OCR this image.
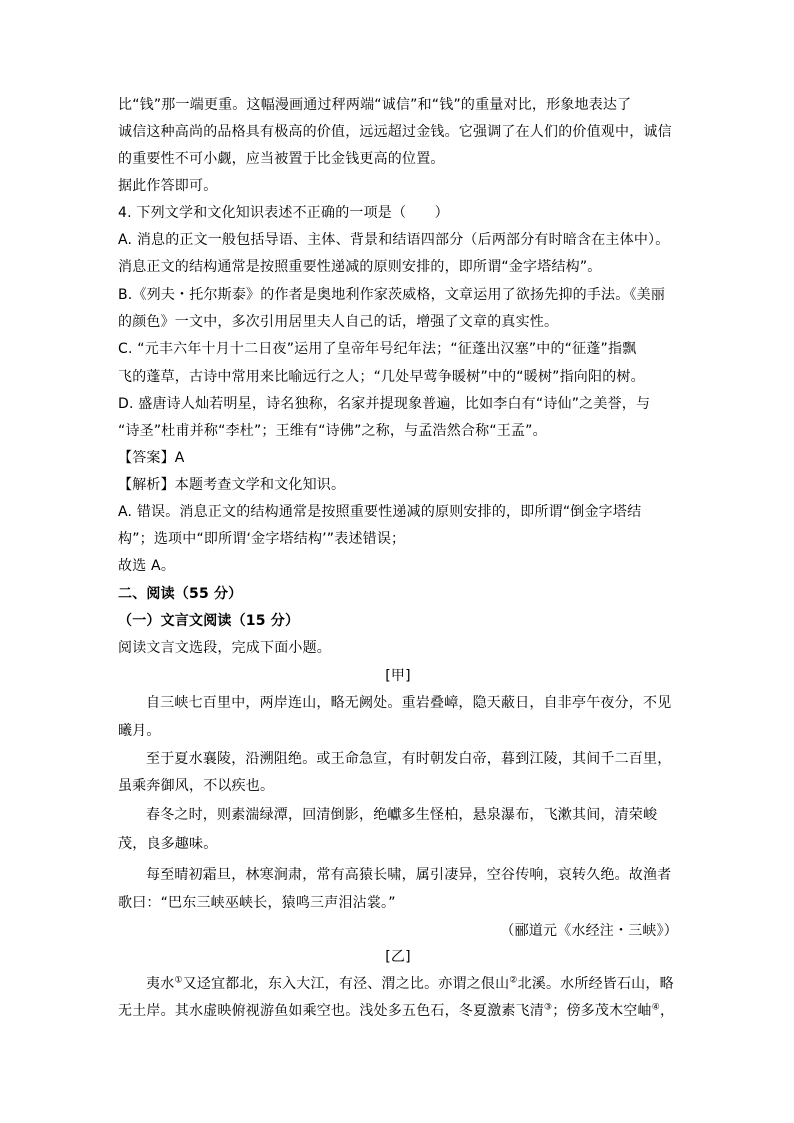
比“钱”那一端更重。这幅漫画通过秤两端“诚信”和“钱”的重量对比，形象地表达了
诚信这种高尚的品格具有极高的价值，远远超过金钱。它强调了在人们的价值观中，诚信
的重要性不可小觑，应当被置于比金钱更高的位置。
据此作答即可。
4. 下列文学和文化知识表述不正确的一项是（　　）
A. 消息的正文一般包括导语、主体、背景和结语四部分（后两部分有时暗含在主体中）。
消息正文的结构通常是按照重要性递减的原则安排的，即所谓“金字塔结构”。
B.《列夫・托尔斯泰》的作者是奥地利作家茨威格，文章运用了欲扬先抑的手法。《美丽
的颜色》一文中，多次引用居里夫人自己的话，增强了文章的真实性。
C. “元丰六年十月十二日夜”运用了皇帝年号纪年法；“征蓬出汉塞”中的“征蓬”指飘
飞的蓬草，古诗中常用来比喻远行之人；“几处早莺争暖树”中的“暖树”指向阳的树。
D. 盛唐诗人灿若明星，诗名独称，名家并提现象普遍，比如李白有“诗仙”之美誉，与
“诗圣”杜甫并称“李杜”；王维有“诗佛”之称，与孟浩然合称“王孟”。
【答案】A
【解析】本题考查文学和文化知识。
A. 错误。消息正文的结构通常是按照重要性递减的原则安排的，即所谓“倒金字塔结
构”；选项中“即所谓‘金字塔结构’”表述错误；
故选 A。
二、阅读（55 分）
（一）文言文阅读（15 分）
阅读文言文选段，完成下面小题。
[甲]
自三峡七百里中，两岸连山，略无阙处。重岩叠嶂，隐天蔽日，自非亭午夜分，不见
曦月。
至于夏水襄陵，沿溯阻绝。或王命急宣，有时朝发白帝，暮到江陵，其间千二百里，
虽乘奔御风，不以疾也。
春冬之时，则素湍绿潭，回清倒影，绝巘多生怪柏，悬泉瀑布，飞漱其间，清荣峻
茂，良多趣味。
每至晴初霜旦，林寒涧肃，常有高猿长啸，属引凄异，空谷传响，哀转久绝。故渔者
歌曰：“巴东三峡巫峡长，猿鸣三声泪沾裳。”
（郦道元《水经注・三峡》）
[乙]
夷水①又迳宜都北，东入大江，有泾、渭之比。亦谓之佷山②北溪。水所经皆石山，略
无土岸。其水虚映俯视游鱼如乘空也。浅处多五色石，冬夏激素飞清③；傍多茂木空岫④，
